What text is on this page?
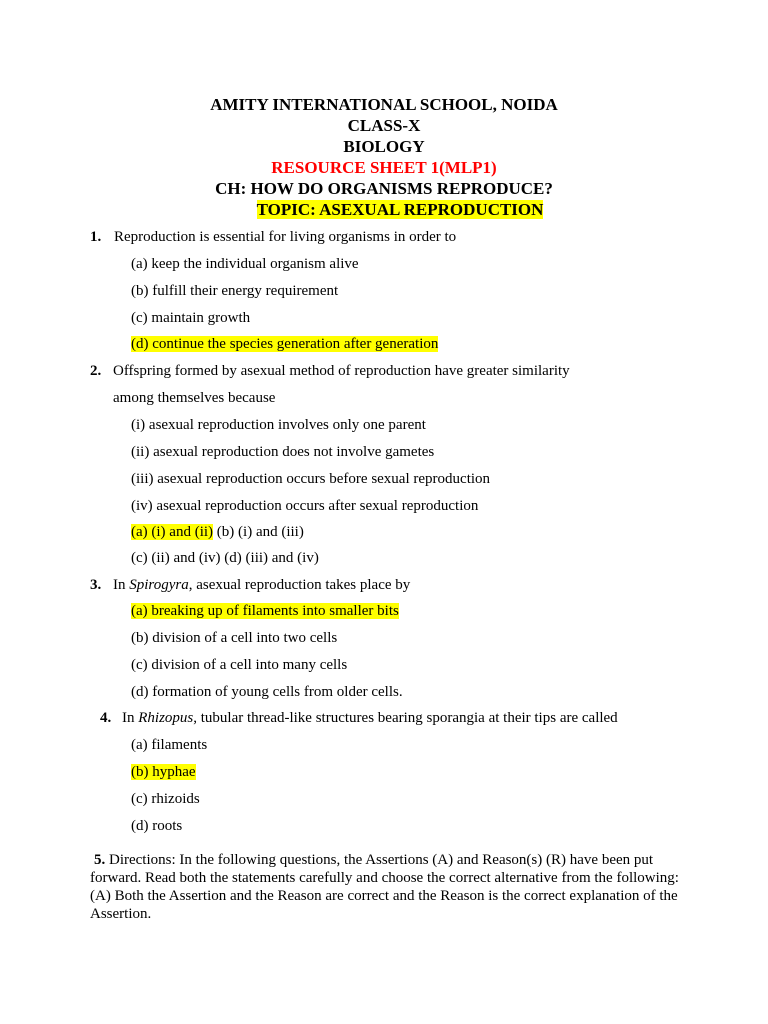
AMITY INTERNATIONAL SCHOOL, NOIDA
CLASS-X
BIOLOGY
RESOURCE SHEET 1(MLP1)
CH: HOW DO ORGANISMS REPRODUCE?
TOPIC: ASEXUAL REPRODUCTION
1. Reproduction is essential for living organisms in order to
(a) keep the individual organism alive
(b) fulfill their energy requirement
(c) maintain growth
(d) continue the species generation after generation
2. Offspring formed by asexual method of reproduction have greater similarity
among themselves because
(i) asexual reproduction involves only one parent
(ii) asexual reproduction does not involve gametes
(iii) asexual reproduction occurs before sexual reproduction
(iv) asexual reproduction occurs after sexual reproduction
(a) (i) and (ii) (b) (i) and (iii)
(c) (ii) and (iv) (d) (iii) and (iv)
3. In Spirogyra, asexual reproduction takes place by
(a) breaking up of filaments into smaller bits
(b) division of a cell into two cells
(c) division of a cell into many cells
(d) formation of young cells from older cells.
4. In Rhizopus, tubular thread-like structures bearing sporangia at their tips are called
(a) filaments
(b) hyphae
(c) rhizoids
(d) roots
5. Directions: In the following questions, the Assertions (A) and Reason(s) (R) have been put forward. Read both the statements carefully and choose the correct alternative from the following: (A) Both the Assertion and the Reason are correct and the Reason is the correct explanation of the Assertion.
